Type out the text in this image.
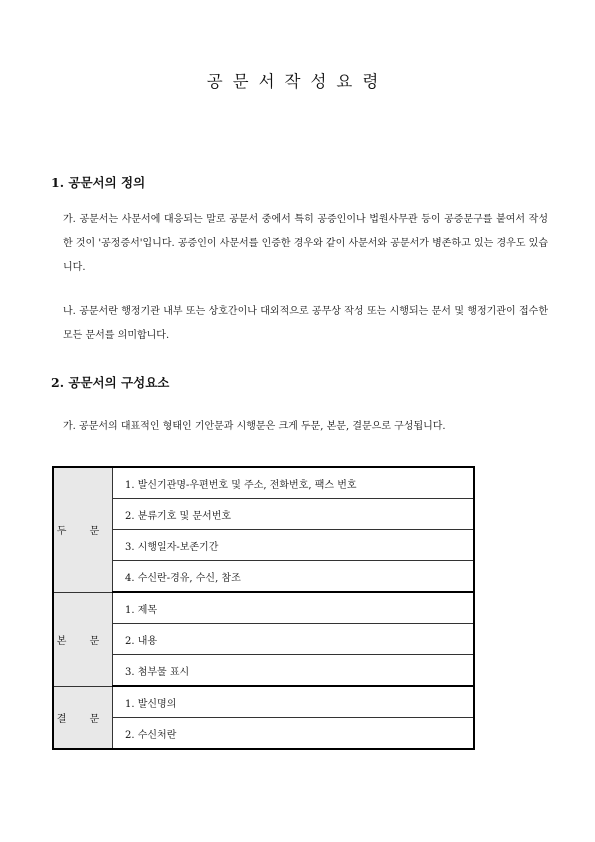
공문서작성요령
1. 공문서의 정의
가. 공문서는 사문서에 대응되는 말로 공문서 중에서 특히 공증인이나 법원사무관 등이 공증문구를 붙여서 작성한 것이 '공정증서'입니다. 공증인이 사문서를 인증한 경우와 같이 사문서와 공문서가 병존하고 있는 경우도 있습니다.
나. 공문서란 행정기관 내부 또는 상호간이나 대외적으로 공무상 작성 또는 시행되는 문서 및 행정기관이 접수한 모든 문서를 의미합니다.
2. 공문서의 구성요소
가. 공문서의 대표적인 형태인 기안문과 시행문은 크게 두문, 본문, 결문으로 구성됩니다.
두 문	1. 발신기관명-우편번호 및 주소, 전화번호, 팩스 번호
	2. 분류기호 및 문서번호
	3. 시행일자-보존기간
	4. 수신란-경유, 수신, 참조
본 문	1. 제목
	2. 내용
	3. 첨부물 표시
결 문	1. 발신명의
	2. 수신처란
